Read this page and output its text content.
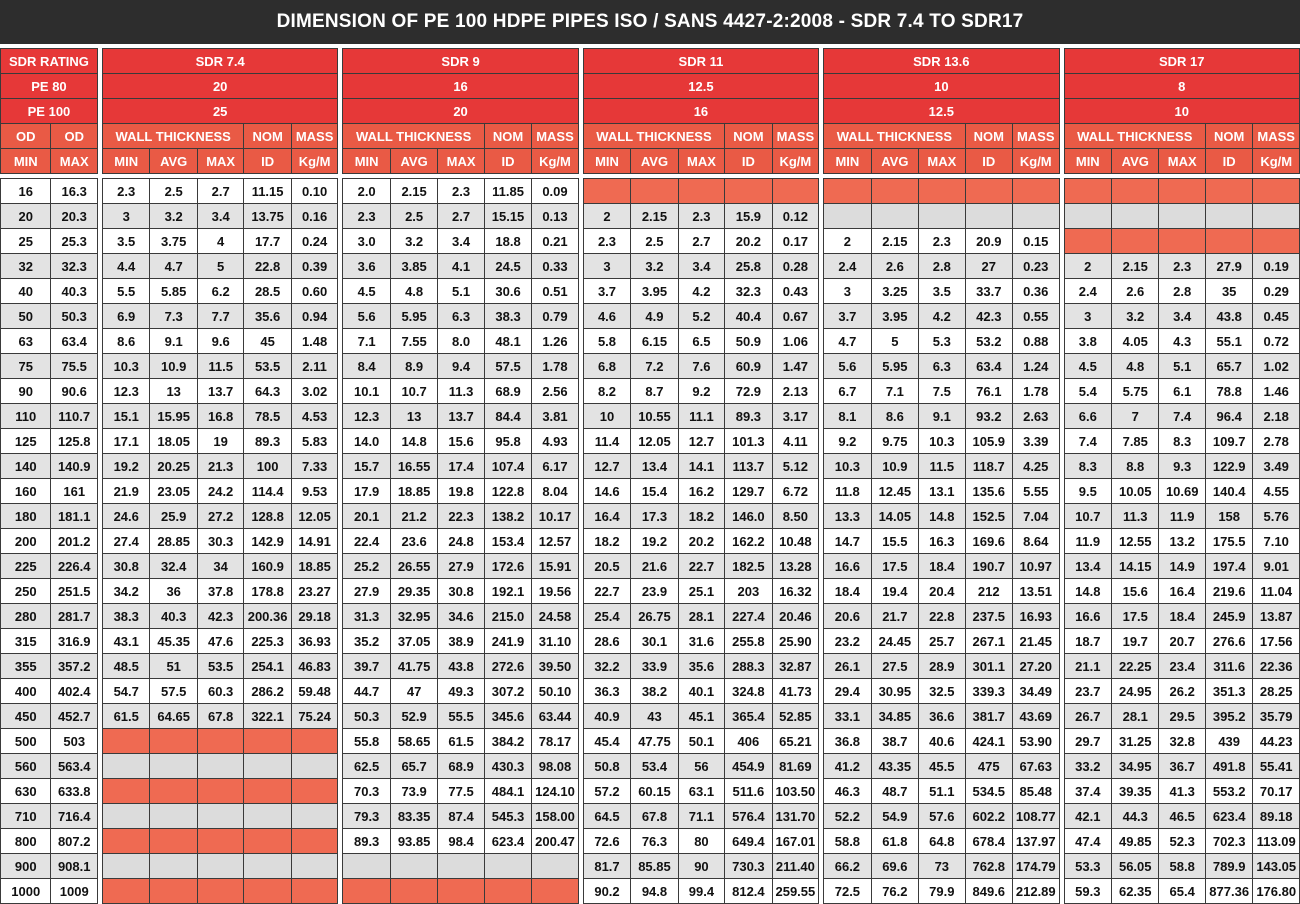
DIMENSION OF PE 100 HDPE PIPES ISO / SANS 4427-2:2008 - SDR 7.4 TO SDR17
SDR RATING			SDR 7.4						SDR 9						SDR 11						SDR 13.6						SDR 17				
PE 80			20						16						12.5						10						8				
PE 100			25						20						16						12.5						10				
OD	OD		WALL THICKNESS			NOM	MASS		WALL THICKNESS			NOM	MASS		WALL THICKNESS			NOM	MASS		WALL THICKNESS			NOM	MASS		WALL THICKNESS			NOM	MASS
MIN	MAX		MIN	AVG	MAX	ID	Kg/M		MIN	AVG	MAX	ID	Kg/M		MIN	AVG	MAX	ID	Kg/M		MIN	AVG	MAX	ID	Kg/M		MIN	AVG	MAX	ID	Kg/M

16	16.3		2.3	2.5	2.7	11.15	0.10		2.0	2.15	2.3	11.85	0.09																		
20	20.3		3	3.2	3.4	13.75	0.16		2.3	2.5	2.7	15.15	0.13		2	2.15	2.3	15.9	0.12												
25	25.3		3.5	3.75	4	17.7	0.24		3.0	3.2	3.4	18.8	0.21		2.3	2.5	2.7	20.2	0.17		2	2.15	2.3	20.9	0.15						
32	32.3		4.4	4.7	5	22.8	0.39		3.6	3.85	4.1	24.5	0.33		3	3.2	3.4	25.8	0.28		2.4	2.6	2.8	27	0.23		2	2.15	2.3	27.9	0.19
40	40.3		5.5	5.85	6.2	28.5	0.60		4.5	4.8	5.1	30.6	0.51		3.7	3.95	4.2	32.3	0.43		3	3.25	3.5	33.7	0.36		2.4	2.6	2.8	35	0.29
50	50.3		6.9	7.3	7.7	35.6	0.94		5.6	5.95	6.3	38.3	0.79		4.6	4.9	5.2	40.4	0.67		3.7	3.95	4.2	42.3	0.55		3	3.2	3.4	43.8	0.45
63	63.4		8.6	9.1	9.6	45	1.48		7.1	7.55	8.0	48.1	1.26		5.8	6.15	6.5	50.9	1.06		4.7	5	5.3	53.2	0.88		3.8	4.05	4.3	55.1	0.72
75	75.5		10.3	10.9	11.5	53.5	2.11		8.4	8.9	9.4	57.5	1.78		6.8	7.2	7.6	60.9	1.47		5.6	5.95	6.3	63.4	1.24		4.5	4.8	5.1	65.7	1.02
90	90.6		12.3	13	13.7	64.3	3.02		10.1	10.7	11.3	68.9	2.56		8.2	8.7	9.2	72.9	2.13		6.7	7.1	7.5	76.1	1.78		5.4	5.75	6.1	78.8	1.46
110	110.7		15.1	15.95	16.8	78.5	4.53		12.3	13	13.7	84.4	3.81		10	10.55	11.1	89.3	3.17		8.1	8.6	9.1	93.2	2.63		6.6	7	7.4	96.4	2.18
125	125.8		17.1	18.05	19	89.3	5.83		14.0	14.8	15.6	95.8	4.93		11.4	12.05	12.7	101.3	4.11		9.2	9.75	10.3	105.9	3.39		7.4	7.85	8.3	109.7	2.78
140	140.9		19.2	20.25	21.3	100	7.33		15.7	16.55	17.4	107.4	6.17		12.7	13.4	14.1	113.7	5.12		10.3	10.9	11.5	118.7	4.25		8.3	8.8	9.3	122.9	3.49
160	161		21.9	23.05	24.2	114.4	9.53		17.9	18.85	19.8	122.8	8.04		14.6	15.4	16.2	129.7	6.72		11.8	12.45	13.1	135.6	5.55		9.5	10.05	10.69	140.4	4.55
180	181.1		24.6	25.9	27.2	128.8	12.05		20.1	21.2	22.3	138.2	10.17		16.4	17.3	18.2	146.0	8.50		13.3	14.05	14.8	152.5	7.04		10.7	11.3	11.9	158	5.76
200	201.2		27.4	28.85	30.3	142.9	14.91		22.4	23.6	24.8	153.4	12.57		18.2	19.2	20.2	162.2	10.48		14.7	15.5	16.3	169.6	8.64		11.9	12.55	13.2	175.5	7.10
225	226.4		30.8	32.4	34	160.9	18.85		25.2	26.55	27.9	172.6	15.91		20.5	21.6	22.7	182.5	13.28		16.6	17.5	18.4	190.7	10.97		13.4	14.15	14.9	197.4	9.01
250	251.5		34.2	36	37.8	178.8	23.27		27.9	29.35	30.8	192.1	19.56		22.7	23.9	25.1	203	16.32		18.4	19.4	20.4	212	13.51		14.8	15.6	16.4	219.6	11.04
280	281.7		38.3	40.3	42.3	200.36	29.18		31.3	32.95	34.6	215.0	24.58		25.4	26.75	28.1	227.4	20.46		20.6	21.7	22.8	237.5	16.93		16.6	17.5	18.4	245.9	13.87
315	316.9		43.1	45.35	47.6	225.3	36.93		35.2	37.05	38.9	241.9	31.10		28.6	30.1	31.6	255.8	25.90		23.2	24.45	25.7	267.1	21.45		18.7	19.7	20.7	276.6	17.56
355	357.2		48.5	51	53.5	254.1	46.83		39.7	41.75	43.8	272.6	39.50		32.2	33.9	35.6	288.3	32.87		26.1	27.5	28.9	301.1	27.20		21.1	22.25	23.4	311.6	22.36
400	402.4		54.7	57.5	60.3	286.2	59.48		44.7	47	49.3	307.2	50.10		36.3	38.2	40.1	324.8	41.73		29.4	30.95	32.5	339.3	34.49		23.7	24.95	26.2	351.3	28.25
450	452.7		61.5	64.65	67.8	322.1	75.24		50.3	52.9	55.5	345.6	63.44		40.9	43	45.1	365.4	52.85		33.1	34.85	36.6	381.7	43.69		26.7	28.1	29.5	395.2	35.79
500	503								55.8	58.65	61.5	384.2	78.17		45.4	47.75	50.1	406	65.21		36.8	38.7	40.6	424.1	53.90		29.7	31.25	32.8	439	44.23
560	563.4								62.5	65.7	68.9	430.3	98.08		50.8	53.4	56	454.9	81.69		41.2	43.35	45.5	475	67.63		33.2	34.95	36.7	491.8	55.41
630	633.8								70.3	73.9	77.5	484.1	124.10		57.2	60.15	63.1	511.6	103.50		46.3	48.7	51.1	534.5	85.48		37.4	39.35	41.3	553.2	70.17
710	716.4								79.3	83.35	87.4	545.3	158.00		64.5	67.8	71.1	576.4	131.70		52.2	54.9	57.6	602.2	108.77		42.1	44.3	46.5	623.4	89.18
800	807.2								89.3	93.85	98.4	623.4	200.47		72.6	76.3	80	649.4	167.01		58.8	61.8	64.8	678.4	137.97		47.4	49.85	52.3	702.3	113.09
900	908.1														81.7	85.85	90	730.3	211.40		66.2	69.6	73	762.8	174.79		53.3	56.05	58.8	789.9	143.05
1000	1009														90.2	94.8	99.4	812.4	259.55		72.5	76.2	79.9	849.6	212.89		59.3	62.35	65.4	877.36	176.80
